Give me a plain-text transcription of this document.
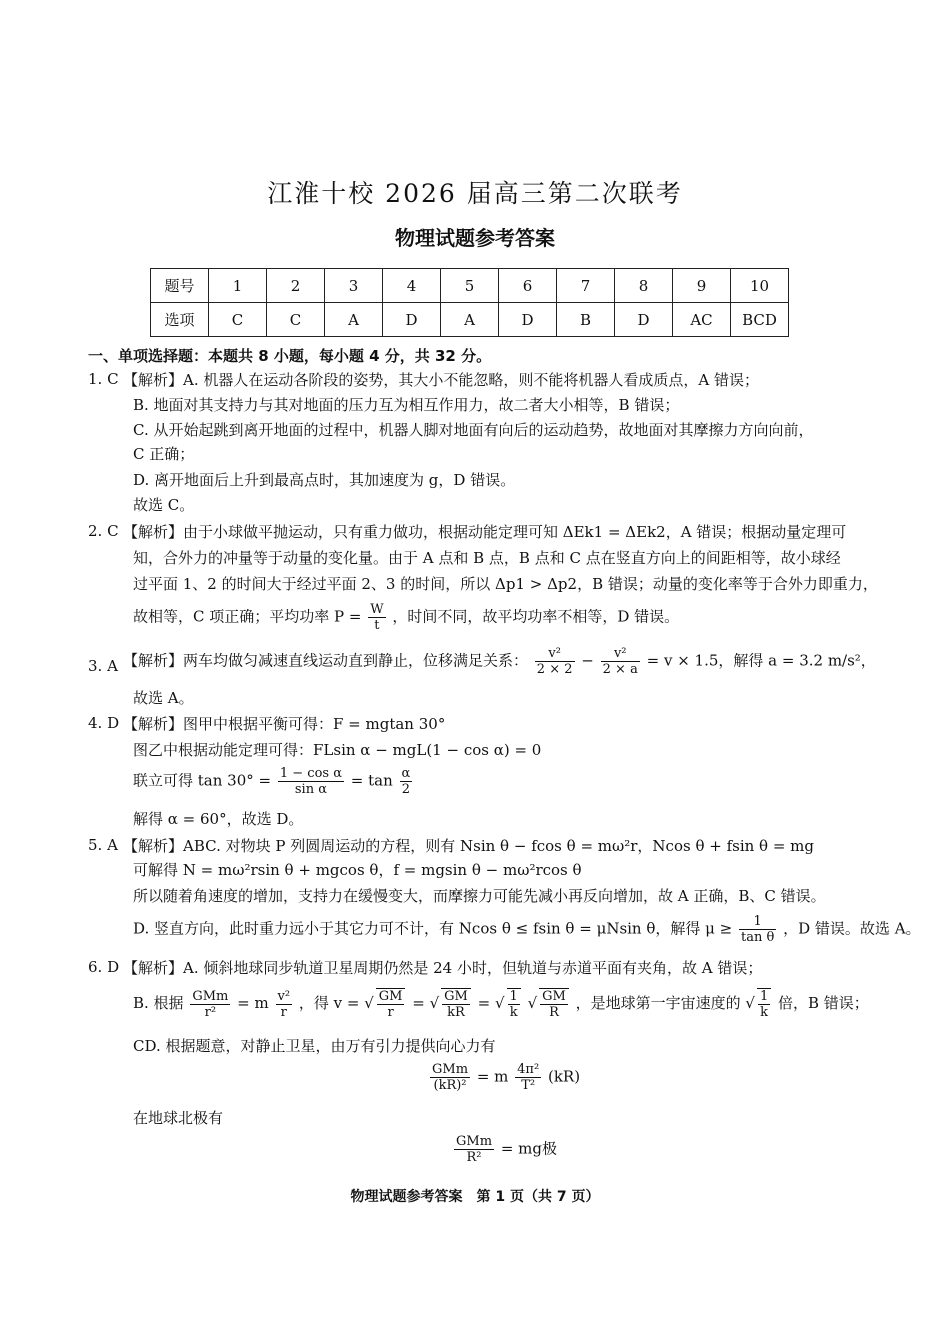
江淮十校 2026 届高三第二次联考
物理试题参考答案
题号	1	2	3	4	5	6	7	8	9	10
选项	C	C	A	D	A	D	B	D	AC	BCD
一、单项选择题：本题共 8 小题，每小题 4 分，共 32 分。
1. C 【解析】A. 机器人在运动各阶段的姿势，其大小不能忽略，则不能将机器人看成质点，A 错误；
B. 地面对其支持力与其对地面的压力互为相互作用力，故二者大小相等，B 错误；
C. 从开始起跳到离开地面的过程中，机器人脚对地面有向后的运动趋势，故地面对其摩擦力方向向前，
C 正确；
D. 离开地面后上升到最高点时，其加速度为 g，D 错误。
故选 C。
2. C 【解析】由于小球做平抛运动，只有重力做功，根据动能定理可知 ΔEk1 = ΔEk2，A 错误；根据动量定理可
知，合外力的冲量等于动量的变化量。由于 A 点和 B 点，B 点和 C 点在竖直方向上的间距相等，故小球经
过平面 1、2 的时间大于经过平面 2、3 的时间，所以 Δp1 > Δp2，B 错误；动量的变化率等于合外力即重力，
故相等，C 项正确；平均功率 $P = \frac{W}{t}$ ，时间不同，故平均功率不相等，D 错误。
3. A 【解析】两车均做匀减速直线运动直到静止，位移满足关系： $\frac{\text{v²}}{2 \times 2} - \frac{\text{v²}}{2 \times a} = v \times 1.5$，解得 a = 3.2 m/s²，
故选 A。
4. D 【解析】图甲中根据平衡可得：F = mgtan 30°
图乙中根据动能定理可得：FLsin α − mgL(1 − cos α) = 0
联立可得 $\tan 30^\circ = \frac{\text{1 − cos α}}{\text{sin α}} = \tan \frac{\alpha}{2}$
解得 α = 60°，故选 D。
5. A 【解析】ABC. 对物块 P 列圆周运动的方程，则有 Nsin θ − fcos θ = mω²r，Ncos θ + fsin θ = mg
可解得 N = mω²rsin θ + mgcos θ，f = mgsin θ − mω²rcos θ
所以随着角速度的增加，支持力在缓慢变大，而摩擦力可能先减小再反向增加，故 A 正确，B、C 错误。
D. 竖直方向，此时重力远小于其它力可不计，有 Ncos θ ≤ fsin θ = μNsin θ，解得 $\mu \ge \frac{1}{\text{tan θ}}$ ，D 错误。故选 A。
6. D 【解析】A. 倾斜地球同步轨道卫星周期仍然是 24 小时，但轨道与赤道平面有夹角，故 A 错误；
B. 根据 $\frac{\text{GMm}}{\text{r²}} = m \frac{\text{v²}}{r}$ ，得 v = √ $\frac{GM}{r}$ = √ $\frac{GM}{kR}$ = √ $\frac{1}{k}$ √ $\frac{GM}{R}$ ，是地球第一宇宙速度的 √ $\frac{1}{k}$ 倍，B 错误；
CD. 根据题意，对静止卫星，由万有引力提供向心力有
$\frac{\text{GMm}}{\text{(kR)²}} = m \frac{\text{4π²}}{\text{T²}} (kR)$
在地球北极有
$\frac{\text{GMm}}{\text{R²}}$ = mg极
物理试题参考答案　第 1 页（共 7 页）
